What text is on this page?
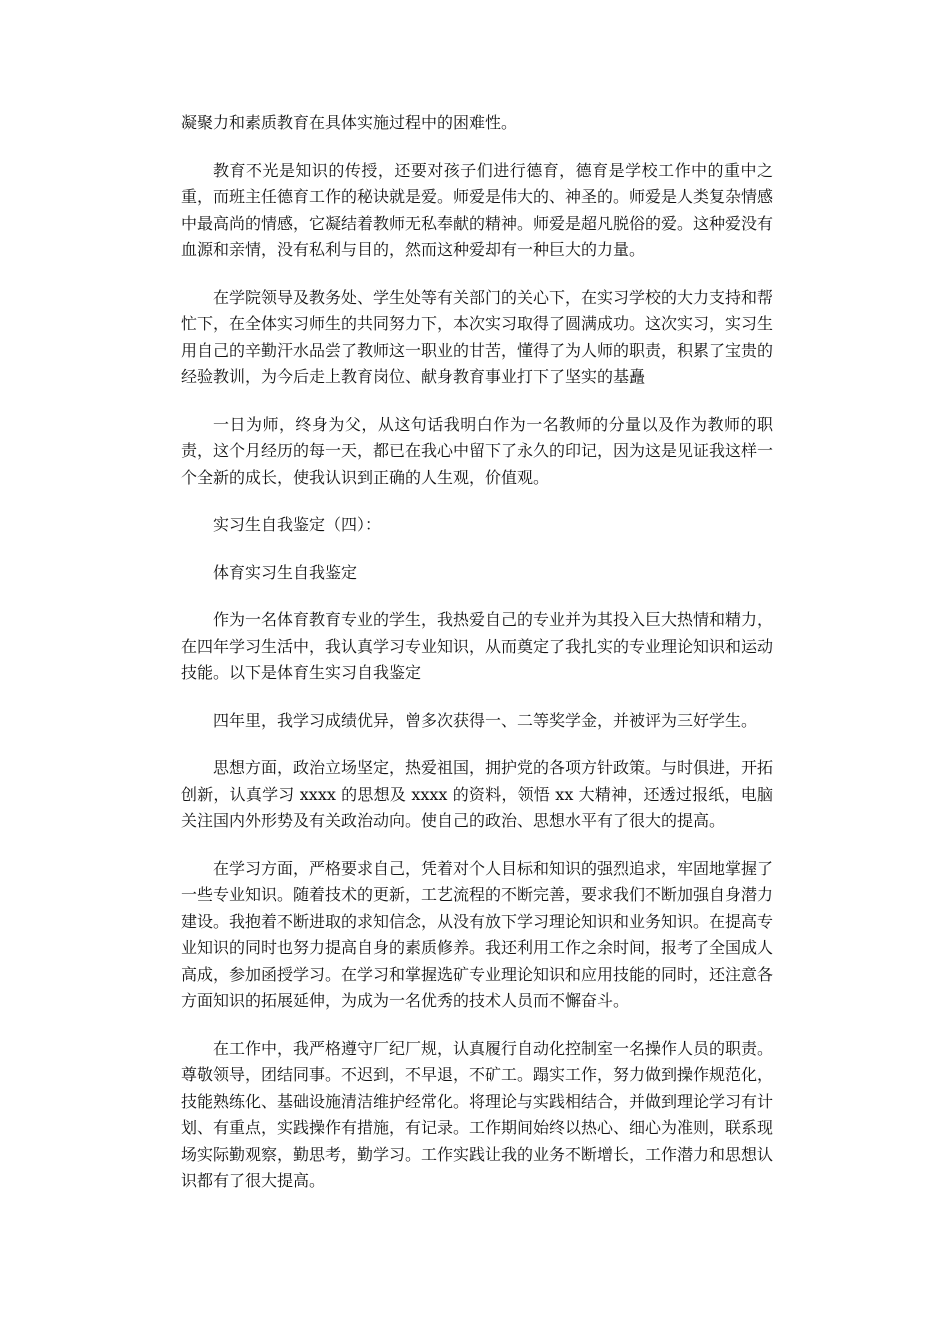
凝聚力和素质教育在具体实施过程中的困难性。

教育不光是知识的传授，还要对孩子们进行德育，德育是学校工作中的重中之重，而班主任德育工作的秘诀就是爱。师爱是伟大的、神圣的。师爱是人类复杂情感中最高尚的情感，它凝结着教师无私奉献的精神。师爱是超凡脱俗的爱。这种爱没有血源和亲情，没有私利与目的，然而这种爱却有一种巨大的力量。

在学院领导及教务处、学生处等有关部门的关心下，在实习学校的大力支持和帮忙下，在全体实习师生的共同努力下，本次实习取得了圆满成功。这次实习，实习生用自己的辛勤汗水品尝了教师这一职业的甘苦，懂得了为人师的职责，积累了宝贵的经验教训，为今后走上教育岗位、献身教育事业打下了坚实的基矗

一日为师，终身为父，从这句话我明白作为一名教师的分量以及作为教师的职责，这个月经历的每一天，都已在我心中留下了永久的印记，因为这是见证我这样一个全新的成长，使我认识到正确的人生观，价值观。

实习生自我鉴定（四）：

体育实习生自我鉴定

作为一名体育教育专业的学生，我热爱自己的专业并为其投入巨大热情和精力，在四年学习生活中，我认真学习专业知识，从而奠定了我扎实的专业理论知识和运动技能。以下是体育生实习自我鉴定

四年里，我学习成绩优异，曾多次获得一、二等奖学金，并被评为三好学生。

思想方面，政治立场坚定，热爱祖国，拥护党的各项方针政策。与时俱进，开拓创新，认真学习 xxxx 的思想及 xxxx 的资料，领悟 xx 大精神，还透过报纸，电脑关注国内外形势及有关政治动向。使自己的政治、思想水平有了很大的提高。

在学习方面，严格要求自己，凭着对个人目标和知识的强烈追求，牢固地掌握了一些专业知识。随着技术的更新，工艺流程的不断完善，要求我们不断加强自身潜力建设。我抱着不断进取的求知信念，从没有放下学习理论知识和业务知识。在提高专业知识的同时也努力提高自身的素质修养。我还利用工作之余时间，报考了全国成人高成，参加函授学习。在学习和掌握选矿专业理论知识和应用技能的同时，还注意各方面知识的拓展延伸，为成为一名优秀的技术人员而不懈奋斗。

在工作中，我严格遵守厂纪厂规，认真履行自动化控制室一名操作人员的职责。尊敬领导，团结同事。不迟到，不早退，不矿工。蹋实工作，努力做到操作规范化，技能熟练化、基础设施清洁维护经常化。将理论与实践相结合，并做到理论学习有计划、有重点，实践操作有措施，有记录。工作期间始终以热心、细心为准则，联系现场实际勤观察，勤思考，勤学习。工作实践让我的业务不断增长，工作潜力和思想认识都有了很大提高。
